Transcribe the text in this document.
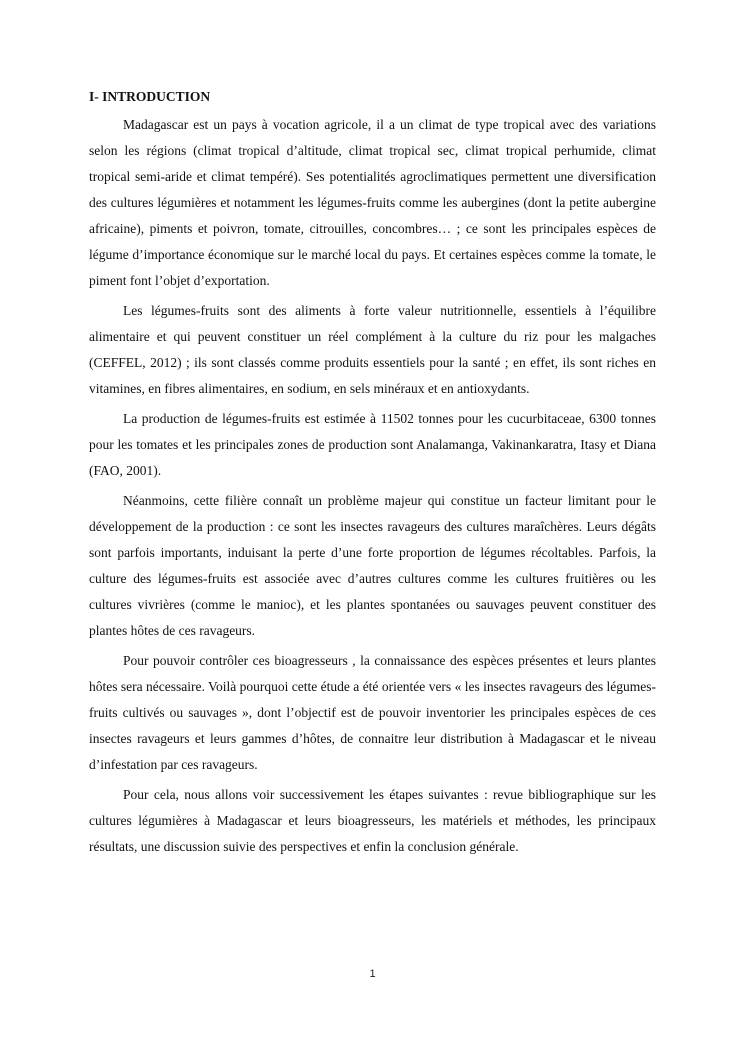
I- INTRODUCTION

Madagascar est un pays à vocation agricole, il a un climat de type tropical avec des variations selon les régions (climat tropical d’altitude, climat tropical sec, climat tropical perhumide, climat tropical semi-aride et climat tempéré). Ses potentialités agroclimatiques permettent une diversification des cultures légumières et notamment les légumes-fruits comme les aubergines (dont la petite aubergine africaine), piments et poivron, tomate, citrouilles, concombres… ; ce sont les principales espèces de légume d’importance économique sur le marché local du pays. Et certaines espèces comme la tomate, le piment font l’objet d’exportation.

Les légumes-fruits sont des aliments à forte valeur nutritionnelle, essentiels à l’équilibre alimentaire et qui peuvent constituer un réel complément à la culture du riz pour les malgaches (CEFFEL, 2012) ; ils sont classés comme produits essentiels pour la santé ; en effet, ils sont riches en vitamines, en fibres alimentaires, en sodium, en sels minéraux et en antioxydants.

La production de légumes-fruits est estimée à 11502 tonnes pour les cucurbitaceae, 6300 tonnes pour les tomates et les principales zones de production sont Analamanga, Vakinankaratra, Itasy et Diana (FAO, 2001).

Néanmoins, cette filière connaît un problème majeur qui constitue un facteur limitant pour le développement de la production : ce sont les insectes ravageurs des cultures maraîchères. Leurs dégâts sont parfois importants, induisant la perte d’une forte proportion de légumes récoltables. Parfois, la culture des légumes-fruits est associée avec d’autres cultures comme les cultures fruitières ou les cultures vivrières (comme le manioc), et les plantes spontanées ou sauvages peuvent constituer des plantes hôtes de ces ravageurs.

Pour pouvoir contrôler ces bioagresseurs , la connaissance des espèces présentes et leurs plantes hôtes sera nécessaire. Voilà pourquoi cette étude a été orientée vers « les insectes ravageurs des légumes-fruits cultivés ou sauvages », dont l’objectif est de pouvoir inventorier les principales espèces de ces insectes ravageurs et leurs gammes d’hôtes, de connaitre leur distribution à Madagascar et le niveau d’infestation par ces ravageurs.

Pour cela, nous allons voir successivement les étapes suivantes : revue bibliographique sur les cultures légumières à Madagascar et leurs bioagresseurs, les matériels et méthodes, les principaux résultats, une discussion suivie des perspectives et enfin la conclusion générale.

1
